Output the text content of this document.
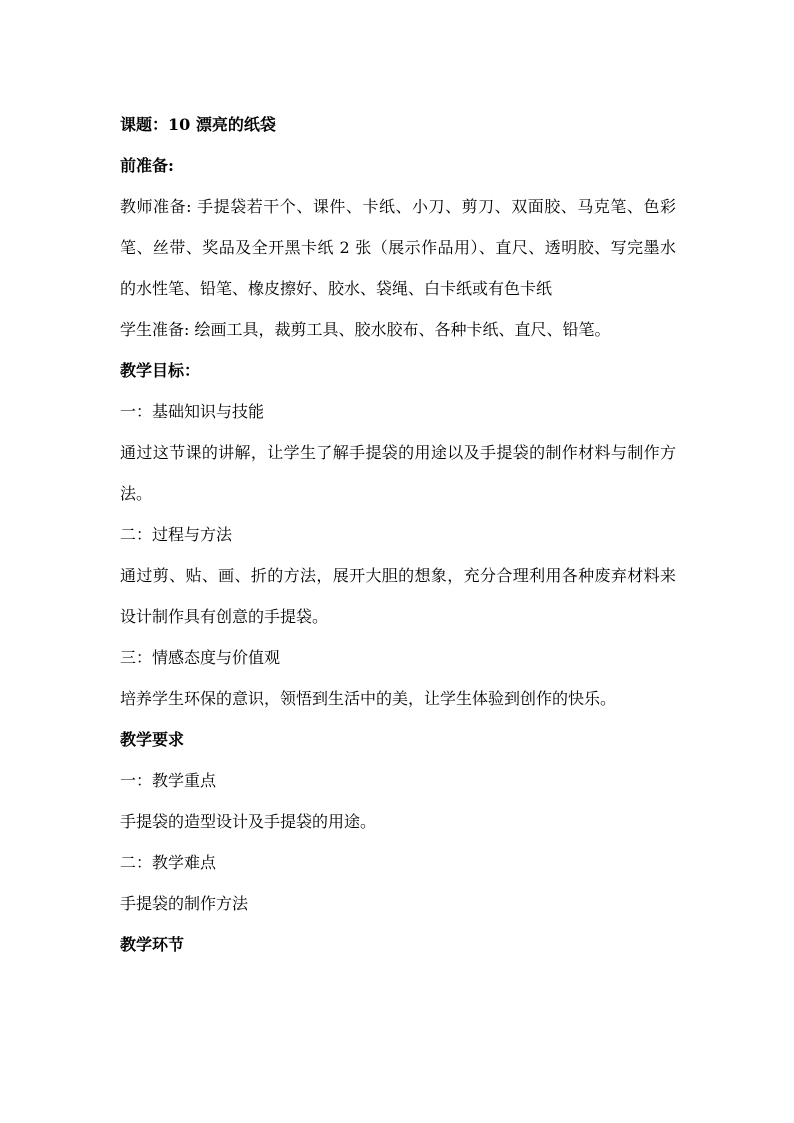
课题：10 漂亮的纸袋

前准备:

教师准备: 手提袋若干个、课件、卡纸、小刀、剪刀、双面胶、马克笔、色彩笔、丝带、奖品及全开黑卡纸 2 张（展示作品用）、直尺、透明胶、写完墨水的水性笔、铅笔、橡皮擦好、胶水、袋绳、白卡纸或有色卡纸

学生准备: 绘画工具，裁剪工具、胶水胶布、各种卡纸、直尺、铅笔。

教学目标：

一：基础知识与技能

通过这节课的讲解，让学生了解手提袋的用途以及手提袋的制作材料与制作方法。

二：过程与方法

通过剪、贴、画、折的方法，展开大胆的想象，充分合理利用各种废弃材料来设计制作具有创意的手提袋。

三：情感态度与价值观

培养学生环保的意识，领悟到生活中的美，让学生体验到创作的快乐。

教学要求

一：教学重点

手提袋的造型设计及手提袋的用途。

二：教学难点

手提袋的制作方法

教学环节
